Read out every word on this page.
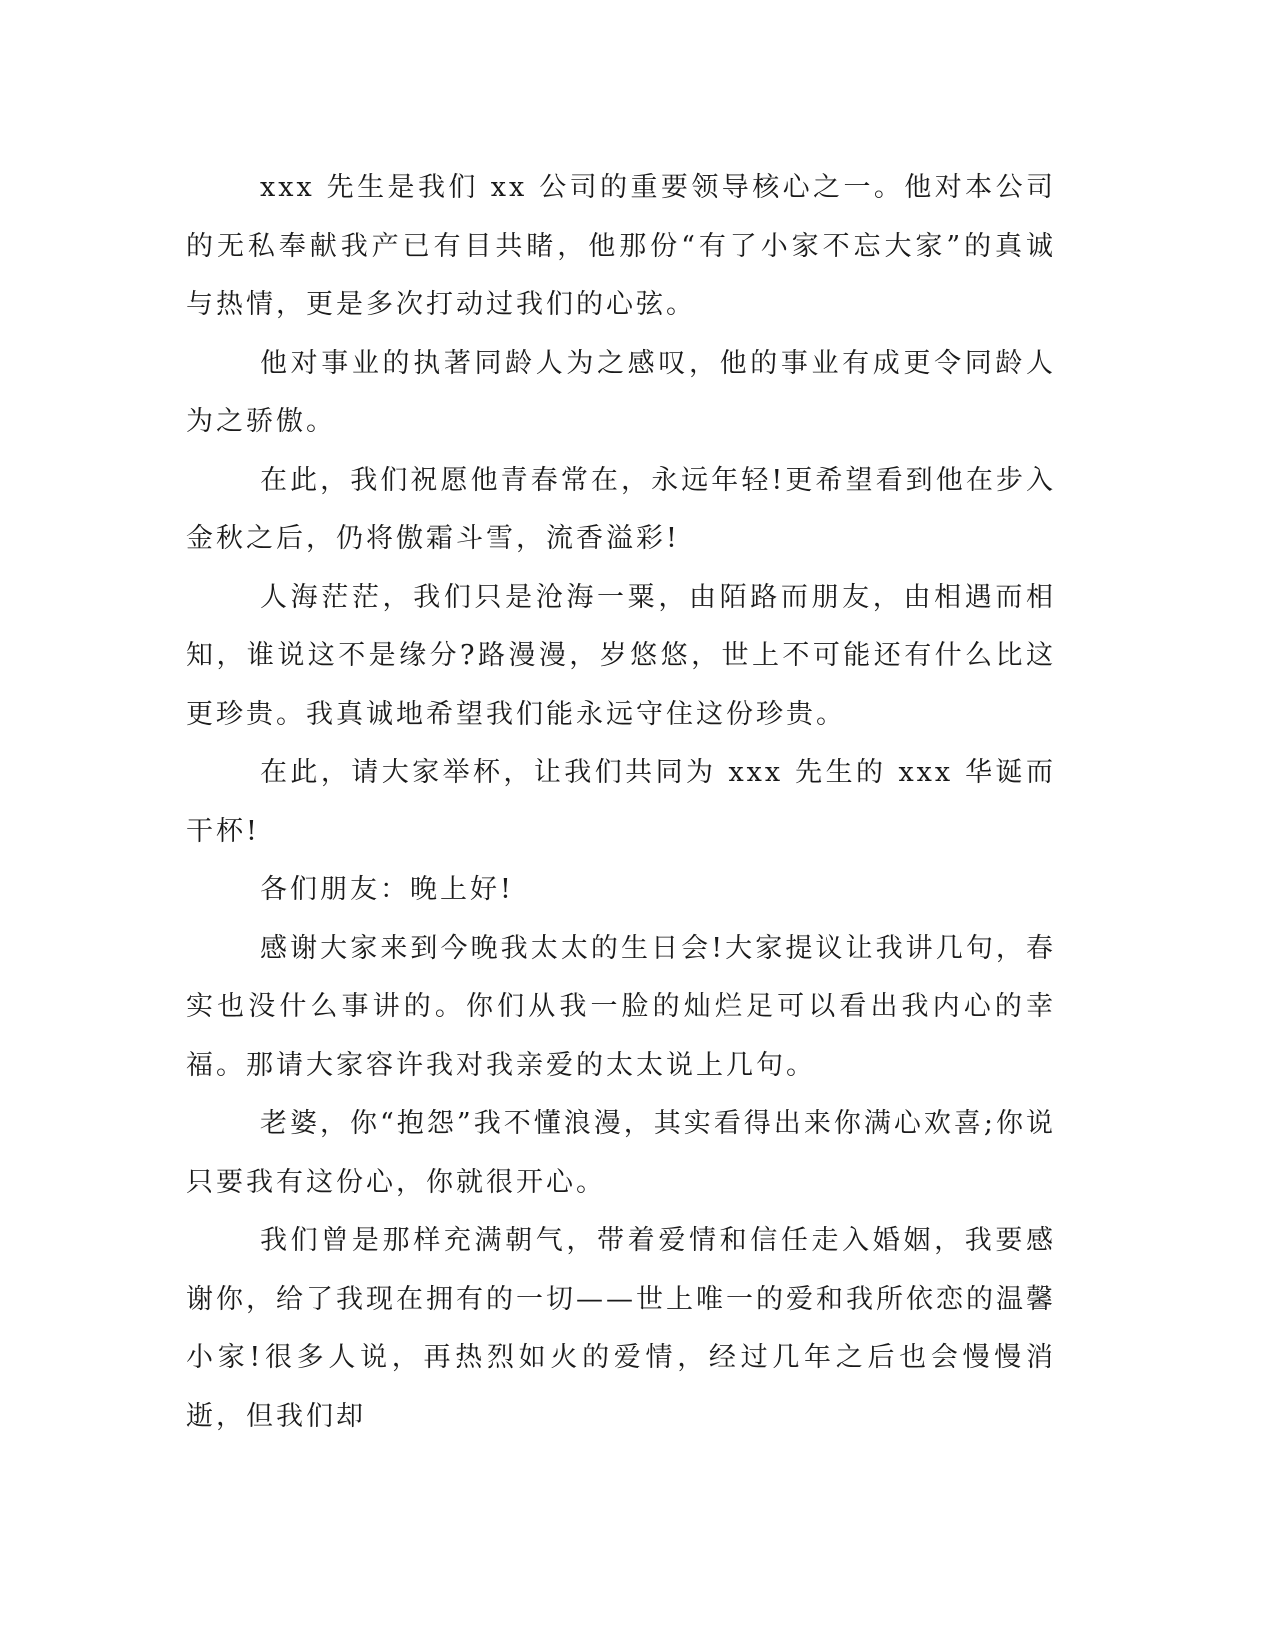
xxx 先生是我们 xx 公司的重要领导核心之一。他对本公司的无私奉献我产已有目共睹，他那份“有了小家不忘大家”的真诚与热情，更是多次打动过我们的心弦。

他对事业的执著同龄人为之感叹，他的事业有成更令同龄人为之骄傲。

在此，我们祝愿他青春常在，永远年轻!更希望看到他在步入金秋之后，仍将傲霜斗雪，流香溢彩!

人海茫茫，我们只是沧海一粟，由陌路而朋友，由相遇而相知，谁说这不是缘分?路漫漫，岁悠悠，世上不可能还有什么比这更珍贵。我真诚地希望我们能永远守住这份珍贵。

在此，请大家举杯，让我们共同为 xxx 先生的 xxx 华诞而干杯!

各们朋友：晚上好!

感谢大家来到今晚我太太的生日会!大家提议让我讲几句，春实也没什么事讲的。你们从我一脸的灿烂足可以看出我内心的幸福。那请大家容许我对我亲爱的太太说上几句。

老婆，你“抱怨”我不懂浪漫，其实看得出来你满心欢喜;你说只要我有这份心，你就很开心。

我们曾是那样充满朝气，带着爱情和信任走入婚姻，我要感谢你，给了我现在拥有的一切——世上唯一的爱和我所依恋的温馨小家!很多人说，再热烈如火的爱情，经过几年之后也会慢慢消逝，但我们却
